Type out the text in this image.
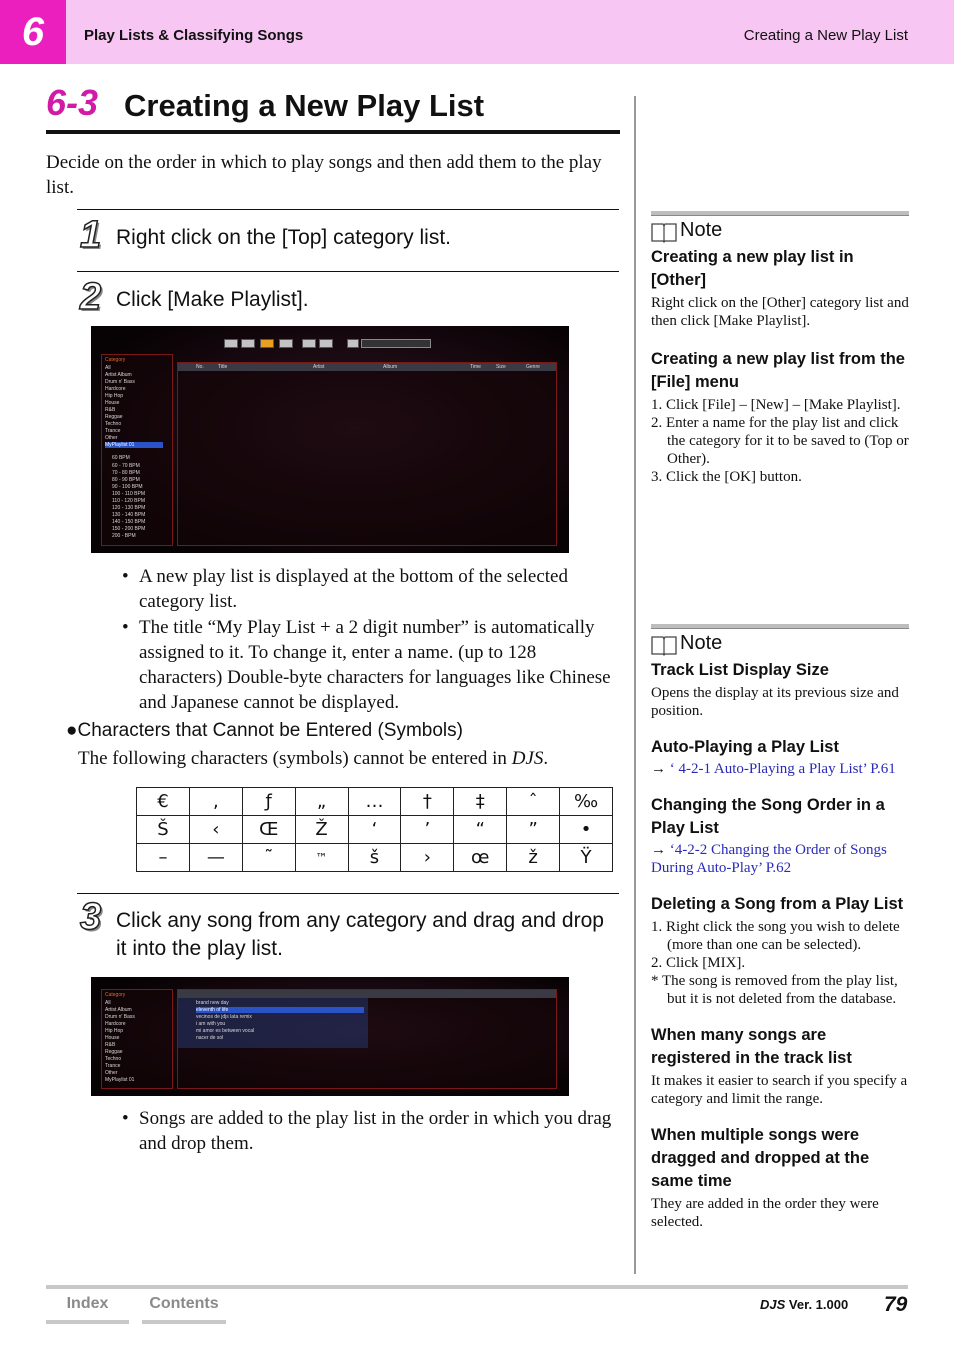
6	Play Lists & Classifying Songs	Creating a New Play List
6-3 Creating a New Play List
Decide on the order in which to play songs and then add them to the play list.
1 Right click on the [Top] category list.
2 Click [Make Playlist].
Category
All
Artist Album
Drum n' Bass
Hardcore
Hip Hop
House
R&B
Reggae
Techno
Trance
Other
MyPlaylist 01
60 BPM
60 - 70 BPM
70 - 80 BPM
80 - 90 BPM
90 - 100 BPM
100 - 110 BPM
110 - 120 BPM
120 - 130 BPM
130 - 140 BPM
140 - 150 BPM
150 - 200 BPM
200 - BPM
No.	Title	Artist	Album	Time	Size	Genre
• A new play list is displayed at the bottom of the selected category list.
• The title “My Play List + a 2 digit number” is automatically assigned to it. To change it, enter a name. (up to 128 characters) Double-byte characters for languages like Chinese and Japanese cannot be displayed.
●Characters that Cannot be Entered (Symbols)
The following characters (symbols) cannot be entered in DJS.
€	,	ƒ	„	…	†	‡	ˆ	‰
Š	‹	Œ	Ž	‘	’	“	”	•
–	—	˜	™	š	›	œ	ž	Ÿ
3 Click any song from any category and drag and drop it into the play list.
Category
All
Artist Album
Drum n' Bass
Hardcore
Hip Hop
House
R&B
Reggae
Techno
Trance
Other
MyPlaylist 01
brand new day
eleventh of life
vecinos de jdjs lata remix
i am with you
mi amor es between vocal
nacer de sol
• Songs are added to the play list in the order in which you drag and drop them.
Note
Creating a new play list in [Other]
Right click on the [Other] category list and then click [Make Playlist].
Creating a new play list from the [File] menu
1. Click [File] – [New] – [Make Playlist].
2. Enter a name for the play list and click the category for it to be saved to (Top or Other).
3. Click the [OK] button.
Note
Track List Display Size
Opens the display at its previous size and position.
Auto-Playing a Play List
→ ‘ 4-2-1 Auto-Playing a Play List’ P.61
Changing the Song Order in a Play List
→ ‘4-2-2 Changing the Order of Songs During Auto-Play’ P.62
Deleting a Song from a Play List
1. Right click the song you wish to delete (more than one can be selected).
2. Click [MIX].
* The song is removed from the play list, but it is not deleted from the database.
When many songs are registered in the track list
It makes it easier to search if you specify a category and limit the range.
When multiple songs were dragged and dropped at the same time
They are added in the order they were selected.
Index	Contents	DJS Ver. 1.000 79
